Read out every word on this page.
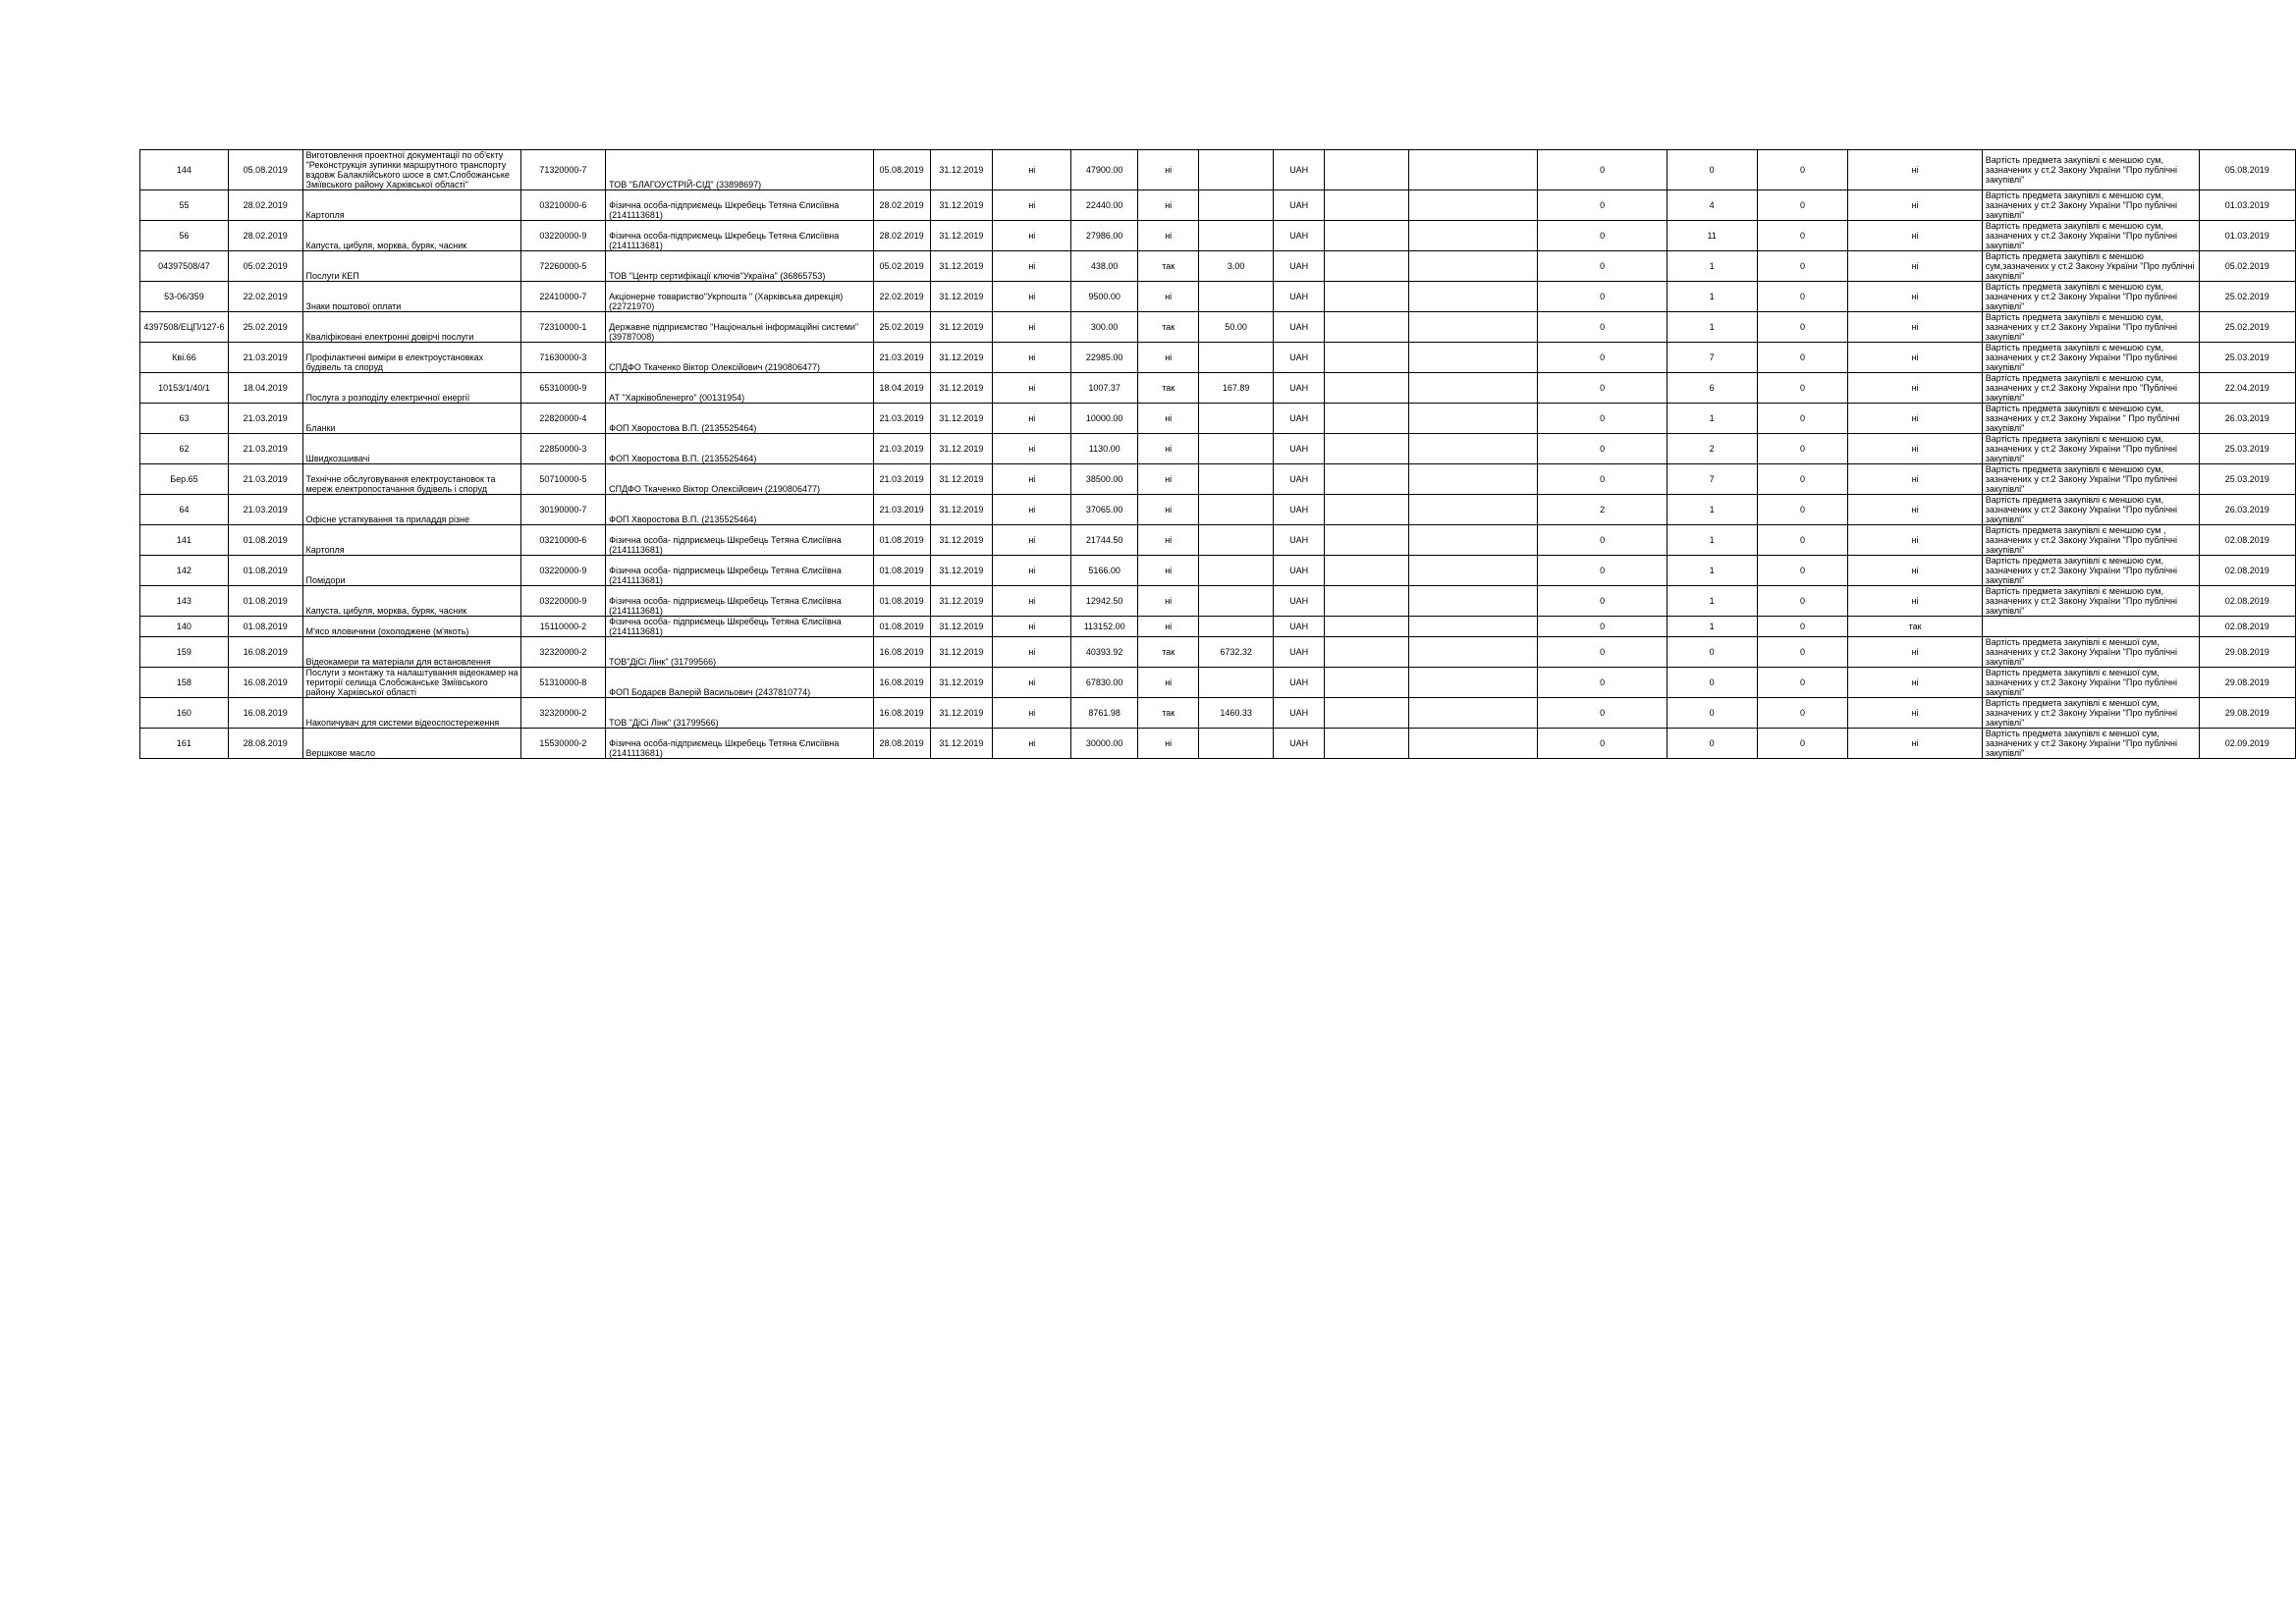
144	05.08.2019	Виготовлення проектної документації по об'єкту "Реконструкція зупинки маршрутного транспорту вздовж Балаклійського шосе в смт.Слобожанське Зміївського району Харківської області"	71320000-7	ТОВ "БЛАГОУСТРІЙ-СІД" (33898697)	05.08.2019	31.12.2019	ні	47900.00	ні		UAH			0	0	0	ні	Вартість предмета закупівлі є меншою сум, зазначених у ст.2 Закону України "Про публічні закупівлі"	05.08.2019
55	28.02.2019	Картопля	03210000-6	Фізична особа-підприємець Шкребець Тетяна Єлисіївна (2141113681)	28.02.2019	31.12.2019	ні	22440.00	ні		UAH			0	4	0	ні	Вартість предмета закупівлі є меншою сум, зазначених у ст.2 Закону України "Про публічні закупівлі"	01.03.2019
56	28.02.2019	Капуста, цибуля, морква, буряк, часник	03220000-9	Фізична особа-підприємець Шкребець Тетяна Єлисіївна (2141113681)	28.02.2019	31.12.2019	ні	27986.00	ні		UAH			0	11	0	ні	Вартість предмета закупівлі є меншою сум, зазначених у ст.2 Закону України "Про публічні закупівлі"	01.03.2019
04397508/47	05.02.2019	Послуги КЕП	72260000-5	ТОВ "Центр сертифікації ключів"Україна" (36865753)	05.02.2019	31.12.2019	ні	438.00	так	3.00	UAH			0	1	0	ні	Вартість предмета закупівлі є меншою сум,зазначених у ст.2 Закону України "Про публічні закупівлі"	05.02.2019
53-06/359	22.02.2019	Знаки поштової оплати	22410000-7	Акціонерне товариство"Укрпошта " (Харківська дирекція) (22721970)	22.02.2019	31.12.2019	ні	9500.00	ні		UAH			0	1	0	ні	Вартість предмета закупівлі є меншою сум, зазначених у ст.2 Закону України "Про публічні закупівлі"	25.02.2019
4397508/ЕЦП/127-6	25.02.2019	Кваліфіковані електронні довірчі послуги	72310000-1	Державне підприємство "Національні інформаційні системи" (39787008)	25.02.2019	31.12.2019	ні	300.00	так	50.00	UAH			0	1	0	ні	Вартість предмета закупівлі є меншою сум, зазначених у ст.2 Закону України "Про публічні закупівлі"	25.02.2019
Кві.66	21.03.2019	Профілактичні виміри в електроустановках будівель та споруд	71630000-3	СПДФО Ткаченко Віктор Олексійович (2190806477)	21.03.2019	31.12.2019	ні	22985.00	ні		UAH			0	7	0	ні	Вартість предмета закупівлі є меншою сум, зазначених у ст.2 Закону України "Про публічні закупівлі"	25.03.2019
10153/1/40/1	18.04.2019	Послуга з розподілу електричної енергії	65310000-9	АТ "Харківобленерго" (00131954)	18.04.2019	31.12.2019	ні	1007.37	так	167.89	UAH			0	6	0	ні	Вартість предмета закупівлі є меншою сум, зазначених у ст.2 Закону України про "Публічні закупівлі"	22.04.2019
63	21.03.2019	Бланки	22820000-4	ФОП Хворостова В.П. (2135525464)	21.03.2019	31.12.2019	ні	10000.00	ні		UAH			0	1	0	ні	Вартість предмета закупівлі є меншою сум, зазначених у ст.2 Закону України " Про публічні закупівлі"	26.03.2019
62	21.03.2019	Швидкозшивачі	22850000-3	ФОП Хворостова В.П. (2135525464)	21.03.2019	31.12.2019	ні	1130.00	ні		UAH			0	2	0	ні	Вартість предмета закупівлі є меншою сум, зазначених у ст.2 Закону України "Про публічні закупівлі"	25.03.2019
Бер.65	21.03.2019	Технічне обслуговування електроустановок та мереж електропостачання будівель і споруд	50710000-5	СПДФО Ткаченко Віктор Олексійович (2190806477)	21.03.2019	31.12.2019	ні	38500.00	ні		UAH			0	7	0	ні	Вартість предмета закупівлі є меншою сум, зазначених у ст.2 Закону України "Про публічні закупівлі"	25.03.2019
64	21.03.2019	Офісне устаткування та приладдя різне	30190000-7	ФОП Хворостова В.П. (2135525464)	21.03.2019	31.12.2019	ні	37065.00	ні		UAH			2	1	0	ні	Вартість предмета закупівлі є меншою сум, зазначених у ст.2 Закону України "Про публічні закупівлі"	26.03.2019
141	01.08.2019	Картопля	03210000-6	Фізична особа- підприємець Шкребець Тетяна Єлисіївна (2141113681)	01.08.2019	31.12.2019	ні	21744.50	ні		UAH			0	1	0	ні	Вартість предмета закупівлі є меншою сум , зазначених у ст.2 Закону України "Про публічні закупівлі"	02.08.2019
142	01.08.2019	Помідори	03220000-9	Фізична особа- підприємець Шкребець Тетяна Єлисіївна (2141113681)	01.08.2019	31.12.2019	ні	5166.00	ні		UAH			0	1	0	ні	Вартість предмета закупівлі є меншою сум, зазначених у ст.2 Закону України "Про публічні закупівлі"	02.08.2019
143	01.08.2019	Капуста, цибуля, морква, буряк, часник	03220000-9	Фізична особа- підприємець Шкребець Тетяна Єлисіївна (2141113681)	01.08.2019	31.12.2019	ні	12942.50	ні		UAH			0	1	0	ні	Вартість предмета закупівлі є меншою сум, зазначених у ст.2 Закону України "Про публічні закупівлі"	02.08.2019
140	01.08.2019	М'ясо яловичини (охолоджене (м'якоть)	15110000-2	Фізична особа- підприємець Шкребець Тетяна Єлисіївна (2141113681)	01.08.2019	31.12.2019	ні	113152.00	ні		UAH			0	1	0	так		02.08.2019
159	16.08.2019	Відеокамери та матеріали для встановлення	32320000-2	ТОВ"ДіСі Лінк" (31799566)	16.08.2019	31.12.2019	ні	40393.92	так	6732.32	UAH			0	0	0	ні	Вартість предмета закупівлі є меншої сум, зазначених у ст.2 Закону України "Про публічні закупівлі"	29.08.2019
158	16.08.2019	Послуги з монтажу та налаштування відеокамер на території селища Слобожанське Зміївського району Харківської області	51310000-8	ФОП Бодарєв Валерій Васильович (2437810774)	16.08.2019	31.12.2019	ні	67830.00	ні		UAH			0	0	0	ні	Вартість предмета закупівлі є меншої сум, зазначених у ст.2 Закону України "Про публічні закупівлі"	29.08.2019
160	16.08.2019	Накопичувач для системи відеоспостереження	32320000-2	ТОВ "ДіСі Лінк" (31799566)	16.08.2019	31.12.2019	ні	8761.98	так	1460.33	UAH			0	0	0	ні	Вартість предмета закупівлі є меншої сум, зазначених у ст.2 Закону України "Про публічні закупівлі"	29.08.2019
161	28.08.2019	Вершкове масло	15530000-2	Фізична особа-підприємець Шкребець Тетяна Єлисіївна (2141113681)	28.08.2019	31.12.2019	ні	30000.00	ні		UAH			0	0	0	ні	Вартість предмета закупівлі є меншої сум, зазначених у ст.2 Закону України "Про публічні закупівлі"	02.09.2019
